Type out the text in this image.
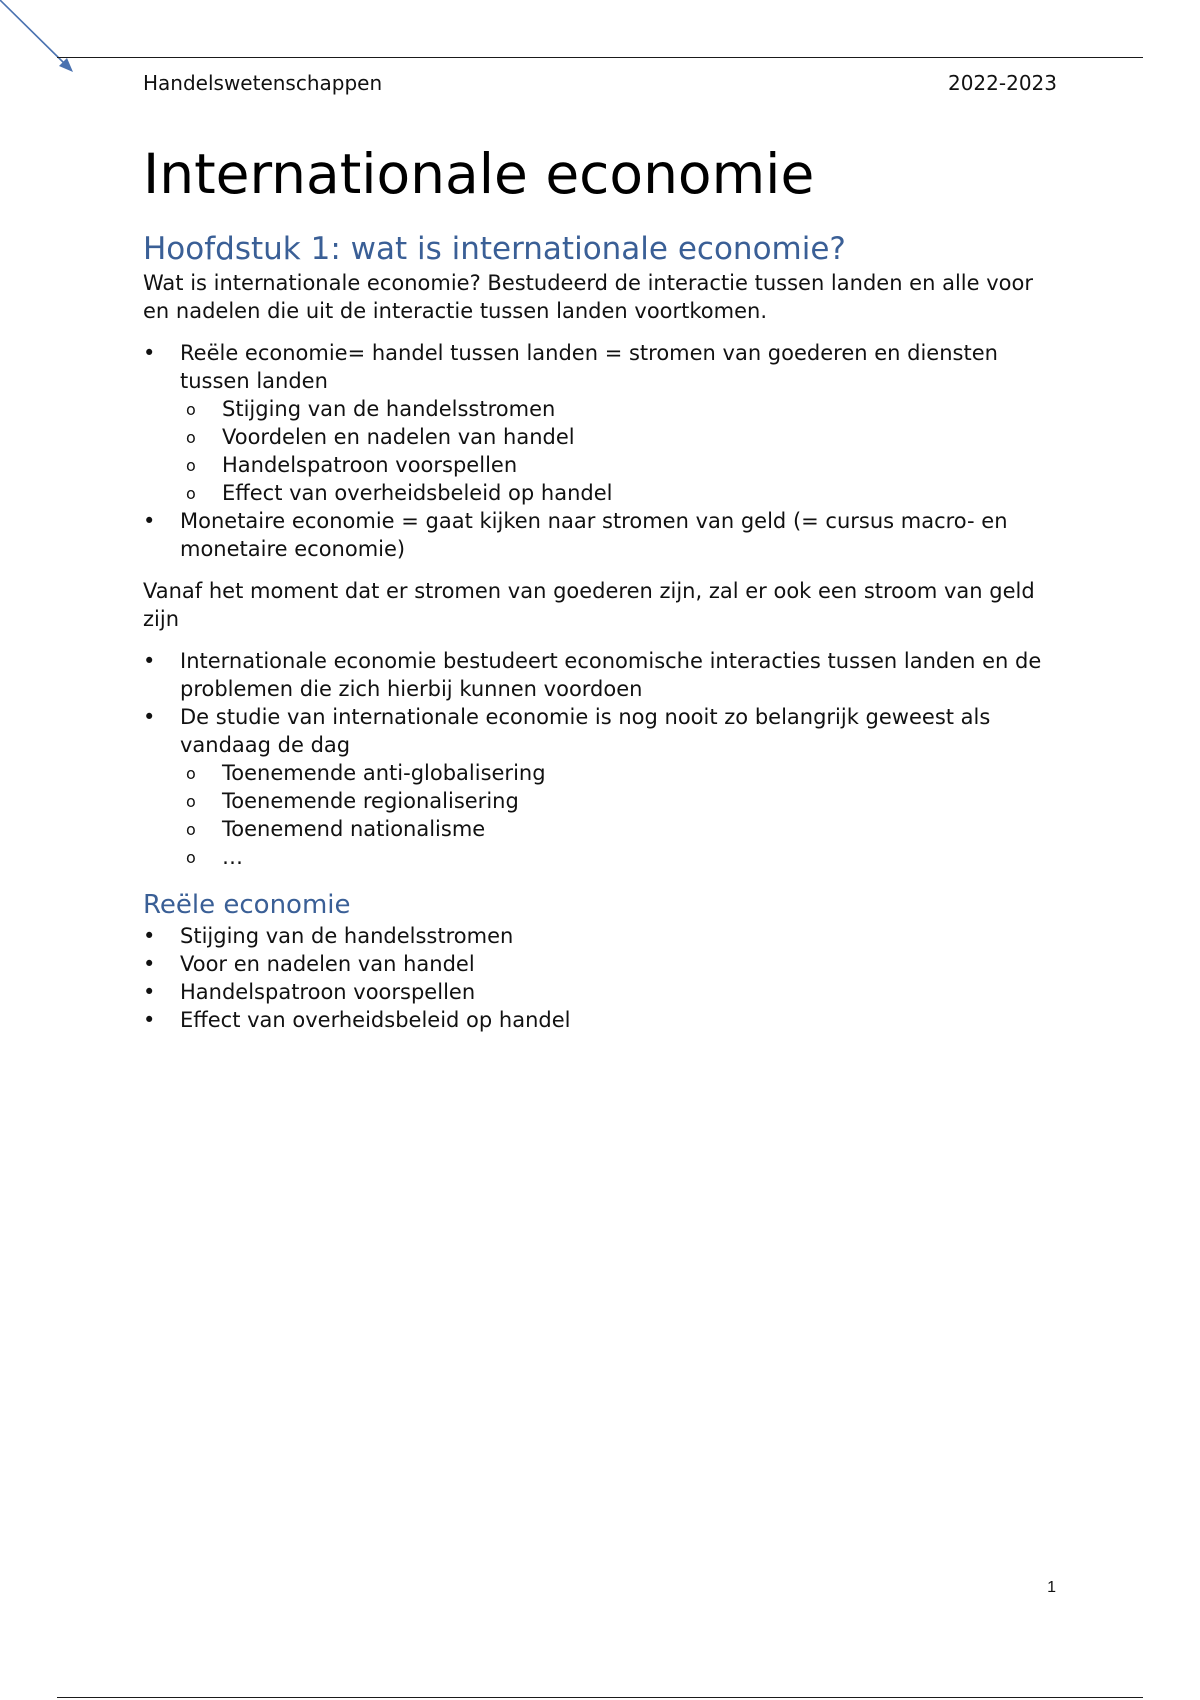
Handelswetenschappen	2022-2023
Internationale economie
Hoofdstuk 1: wat is internationale economie?

Wat is internationale economie? Bestudeerd de interactie tussen landen en alle voor en nadelen die uit de interactie tussen landen voortkomen.

• Reële economie= handel tussen landen = stromen van goederen en diensten tussen landen
o Stijging van de handelsstromen
o Voordelen en nadelen van handel
o Handelspatroon voorspellen
o Effect van overheidsbeleid op handel
• Monetaire economie = gaat kijken naar stromen van geld (= cursus macro- en monetaire economie)

Vanaf het moment dat er stromen van goederen zijn, zal er ook een stroom van geld zijn

• Internationale economie bestudeert economische interacties tussen landen en de problemen die zich hierbij kunnen voordoen
• De studie van internationale economie is nog nooit zo belangrijk geweest als vandaag de dag
o Toenemende anti-globalisering
o Toenemende regionalisering
o Toenemend nationalisme
o …
Reële economie
• Stijging van de handelsstromen
• Voor en nadelen van handel
• Handelspatroon voorspellen
• Effect van overheidsbeleid op handel
1
